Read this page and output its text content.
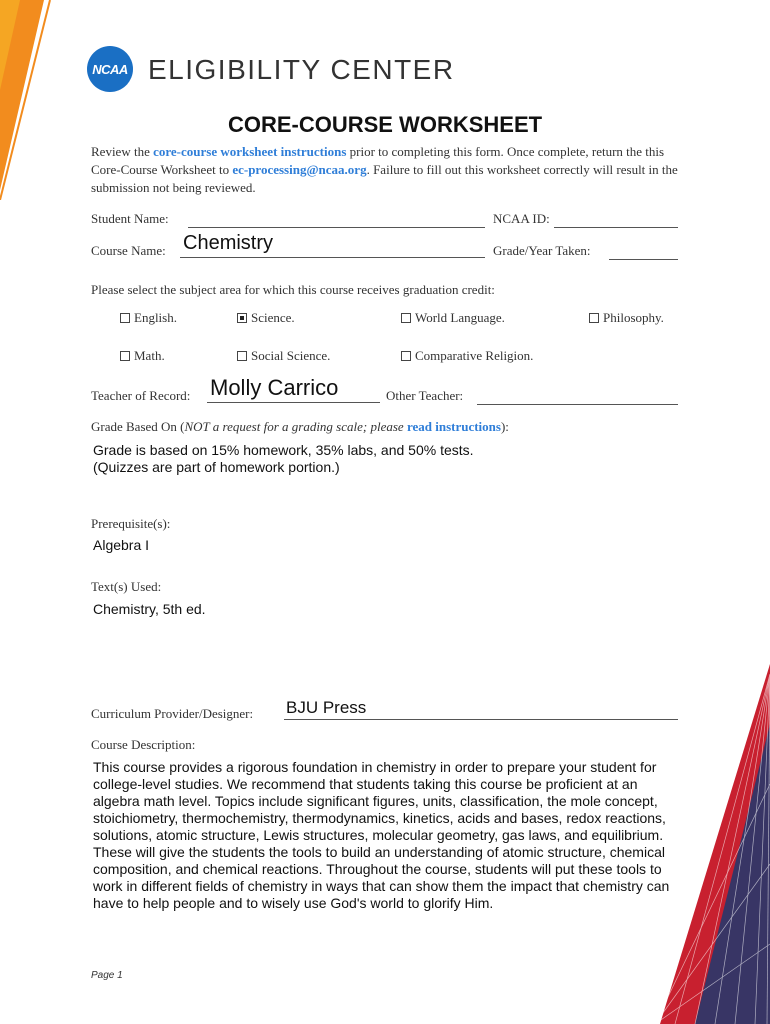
NCAA ELIGIBILITY CENTER
CORE-COURSE WORKSHEET
Review the core-course worksheet instructions prior to completing this form. Once complete, return the this Core-Course Worksheet to ec-processing@ncaa.org. Failure to fill out this worksheet correctly will result in the submission not being reviewed.
Student Name:	NCAA ID:
Course Name: Chemistry	Grade/Year Taken:
Please select the subject area for which this course receives graduation credit:
English.	Science.	World Language.	Philosophy.
Math.	Social Science.	Comparative Religion.
Teacher of Record: Molly Carrico	Other Teacher:
Grade Based On (NOT a request for a grading scale; please read instructions):
Grade is based on 15% homework, 35% labs, and 50% tests.
(Quizzes are part of homework portion.)
Prerequisite(s):
Algebra I
Text(s) Used:
Chemistry, 5th ed.
Curriculum Provider/Designer: BJU Press
Course Description:
This course provides a rigorous foundation in chemistry in order to prepare your student for college-level studies. We recommend that students taking this course be proficient at an algebra math level. Topics include significant figures, units, classification, the mole concept, stoichiometry, thermochemistry, thermodynamics, kinetics, acids and bases, redox reactions, solutions, atomic structure, Lewis structures, molecular geometry, gas laws, and equilibrium. These will give the students the tools to build an understanding of atomic structure, chemical composition, and chemical reactions. Throughout the course, students will put these tools to work in different fields of chemistry in ways that can show them the impact that chemistry can have to help people and to wisely use God's world to glorify Him.
Page 1
